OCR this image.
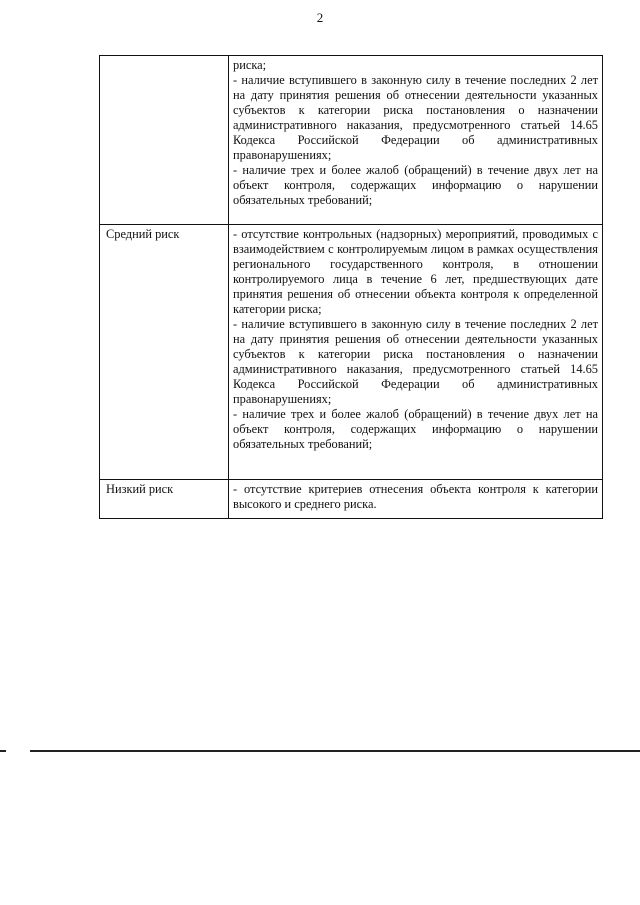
2

	риска;
- наличие вступившего в законную силу в течение последних 2 лет на дату принятия решения об отнесении деятельности указанных субъектов к категории риска постановления о назначении административного наказания, предусмотренного статьей 14.65 Кодекса Российской Федерации об административных правонарушениях;
- наличие трех и более жалоб (обращений) в течение двух лет на объект контроля, содержащих информацию о нарушении обязательных требований;

Средний риск	- отсутствие контрольных (надзорных) мероприятий, проводимых с взаимодействием с контролируемым лицом в рамках осуществления регионального государственного контроля, в отношении контролируемого лица в течение 6 лет, предшествующих дате принятия решения об отнесении объекта контроля к определенной категории риска;
- наличие вступившего в законную силу в течение последних 2 лет на дату принятия решения об отнесении деятельности указанных субъектов к категории риска постановления о назначении административного наказания, предусмотренного статьей 14.65 Кодекса Российской Федерации об административных правонарушениях;
- наличие трех и более жалоб (обращений) в течение двух лет на объект контроля, содержащих информацию о нарушении обязательных требований;

Низкий риск	- отсутствие критериев отнесения объекта контроля к категории высокого и среднего риска.
